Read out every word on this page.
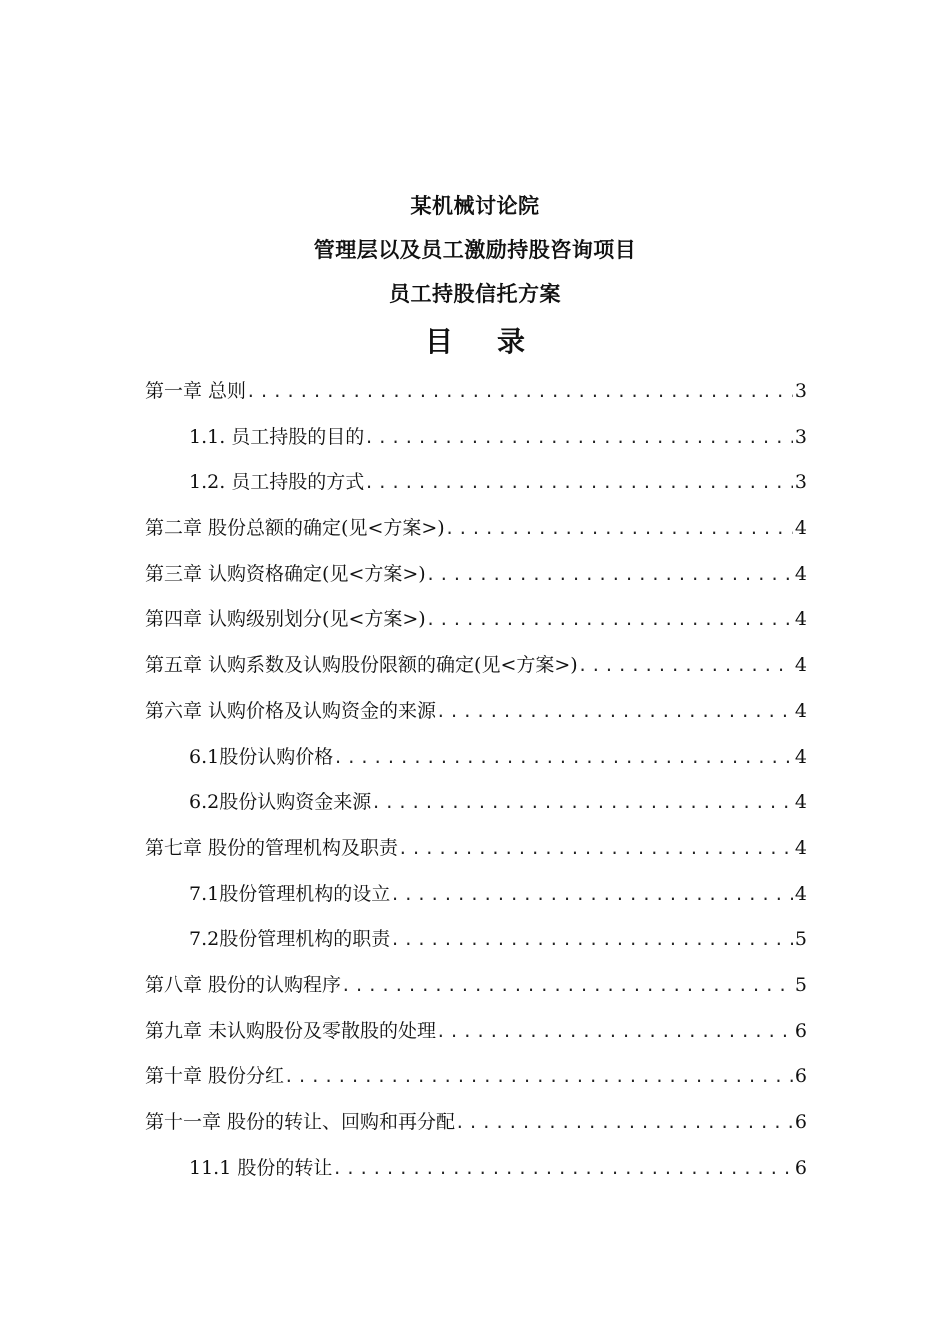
某机械讨论院
管理层以及员工激励持股咨询项目
员工持股信托方案
目 录
第一章 总则 .....	3
1.1. 员工持股的目的 .....	3
1.2. 员工持股的方式 .....	3
第二章 股份总额的确定(见<方案>) .....	4
第三章 认购资格确定(见<方案>) .....	4
第四章 认购级别划分(见<方案>) .....	4
第五章 认购系数及认购股份限额的确定(见<方案>) .....	4
第六章 认购价格及认购资金的来源 .....	4
6.1股份认购价格 .....	4
6.2股份认购资金来源 .....	4
第七章 股份的管理机构及职责 .....	4
7.1股份管理机构的设立 .....	4
7.2股份管理机构的职责 .....	5
第八章 股份的认购程序 .....	5
第九章 未认购股份及零散股的处理 .....	6
第十章 股份分红 .....	6
第十一章 股份的转让、回购和再分配 .....	6
11.1 股份的转让 .....	6
